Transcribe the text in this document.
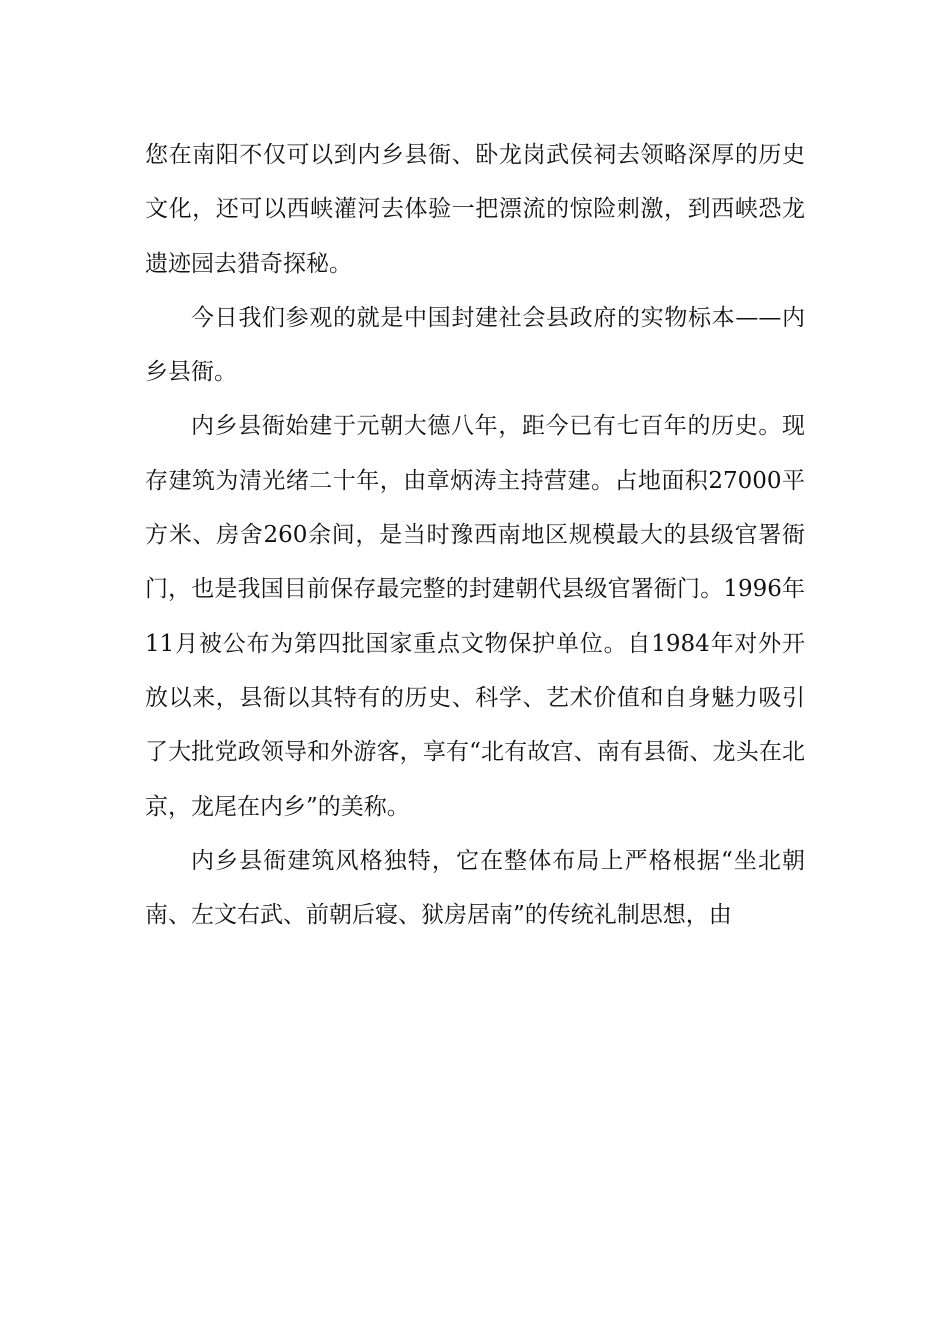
您在南阳不仅可以到内乡县衙、卧龙岗武侯祠去领略深厚的历史文化，还可以西峡灌河去体验一把漂流的惊险刺激，到西峡恐龙遗迹园去猎奇探秘。

今日我们参观的就是中国封建社会县政府的实物标本——内乡县衙。

内乡县衙始建于元朝大德八年，距今已有七百年的历史。现存建筑为清光绪二十年，由章炳涛主持营建。占地面积27000平方米、房舍260余间，是当时豫西南地区规模最大的县级官署衙门，也是我国目前保存最完整的封建朝代县级官署衙门。1996年11月被公布为第四批国家重点文物保护单位。自1984年对外开放以来，县衙以其特有的历史、科学、艺术价值和自身魅力吸引了大批党政领导和外游客，享有“北有故宫、南有县衙、龙头在北京，龙尾在内乡”的美称。

内乡县衙建筑风格独特，它在整体布局上严格根据“坐北朝南、左文右武、前朝后寝、狱房居南”的传统礼制思想，由
